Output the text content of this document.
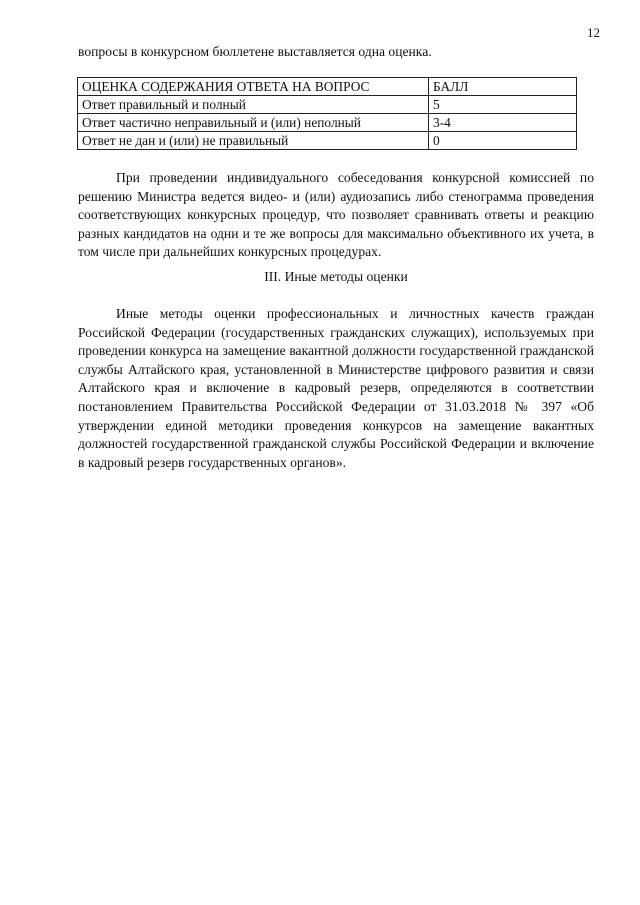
12
вопросы в конкурсном бюллетене выставляется одна оценка.
ОЦЕНКА СОДЕРЖАНИЯ ОТВЕТА НА ВОПРОС	БАЛЛ
Ответ правильный и полный	5
Ответ частично неправильный и (или) неполный	3-4
Ответ не дан и (или) не правильный	0

При проведении индивидуального собеседования конкурсной комиссией по решению Министра ведется видео- и (или) аудиозапись либо стенограмма проведения соответствующих конкурсных процедур, что позволяет сравнивать ответы и реакцию разных кандидатов на одни и те же вопросы для максимально объективного их учета, в том числе при дальнейших конкурсных процедурах.

III. Иные методы оценки

Иные методы оценки профессиональных и личностных качеств граждан Российской Федерации (государственных гражданских служащих), используемых при проведении конкурса на замещение вакантной должности государственной гражданской службы Алтайского края, установленной в Министерстве цифрового развития и связи Алтайского края и включение в кадровый резерв, определяются в соответствии постановлением Правительства Российской Федерации от 31.03.2018 № 397 «Об утверждении единой методики проведения конкурсов на замещение вакантных должностей государственной гражданской службы Российской Федерации и включение в кадровый резерв государственных органов».
